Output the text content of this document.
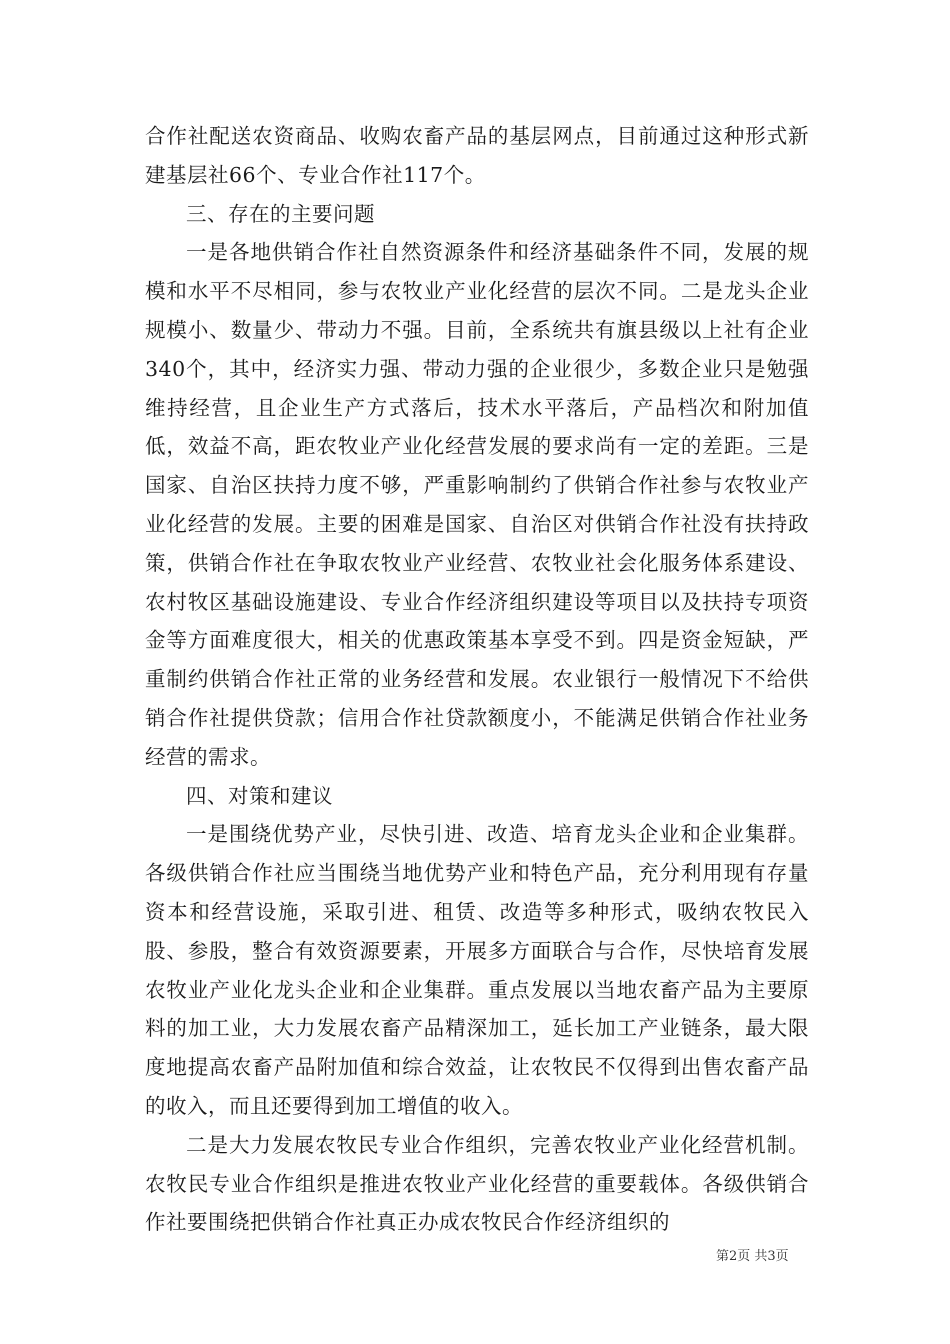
合作社配送农资商品、收购农畜产品的基层网点，目前通过这种形式新建基层社66个、专业合作社117个。

三、存在的主要问题

一是各地供销合作社自然资源条件和经济基础条件不同，发展的规模和水平不尽相同，参与农牧业产业化经营的层次不同。二是龙头企业规模小、数量少、带动力不强。目前，全系统共有旗县级以上社有企业340个，其中，经济实力强、带动力强的企业很少，多数企业只是勉强维持经营，且企业生产方式落后，技术水平落后，产品档次和附加值低，效益不高，距农牧业产业化经营发展的要求尚有一定的差距。三是国家、自治区扶持力度不够，严重影响制约了供销合作社参与农牧业产业化经营的发展。主要的困难是国家、自治区对供销合作社没有扶持政策，供销合作社在争取农牧业产业经营、农牧业社会化服务体系建设、农村牧区基础设施建设、专业合作经济组织建设等项目以及扶持专项资金等方面难度很大，相关的优惠政策基本享受不到。四是资金短缺，严重制约供销合作社正常的业务经营和发展。农业银行一般情况下不给供销合作社提供贷款；信用合作社贷款额度小，不能满足供销合作社业务经营的需求。

四、对策和建议

一是围绕优势产业，尽快引进、改造、培育龙头企业和企业集群。各级供销合作社应当围绕当地优势产业和特色产品，充分利用现有存量资本和经营设施，采取引进、租赁、改造等多种形式，吸纳农牧民入股、参股，整合有效资源要素，开展多方面联合与合作，尽快培育发展农牧业产业化龙头企业和企业集群。重点发展以当地农畜产品为主要原料的加工业，大力发展农畜产品精深加工，延长加工产业链条，最大限度地提高农畜产品附加值和综合效益，让农牧民不仅得到出售农畜产品的收入，而且还要得到加工增值的收入。

二是大力发展农牧民专业合作组织，完善农牧业产业化经营机制。农牧民专业合作组织是推进农牧业产业化经营的重要载体。各级供销合作社要围绕把供销合作社真正办成农牧民合作经济组织的

第2页 共3页
